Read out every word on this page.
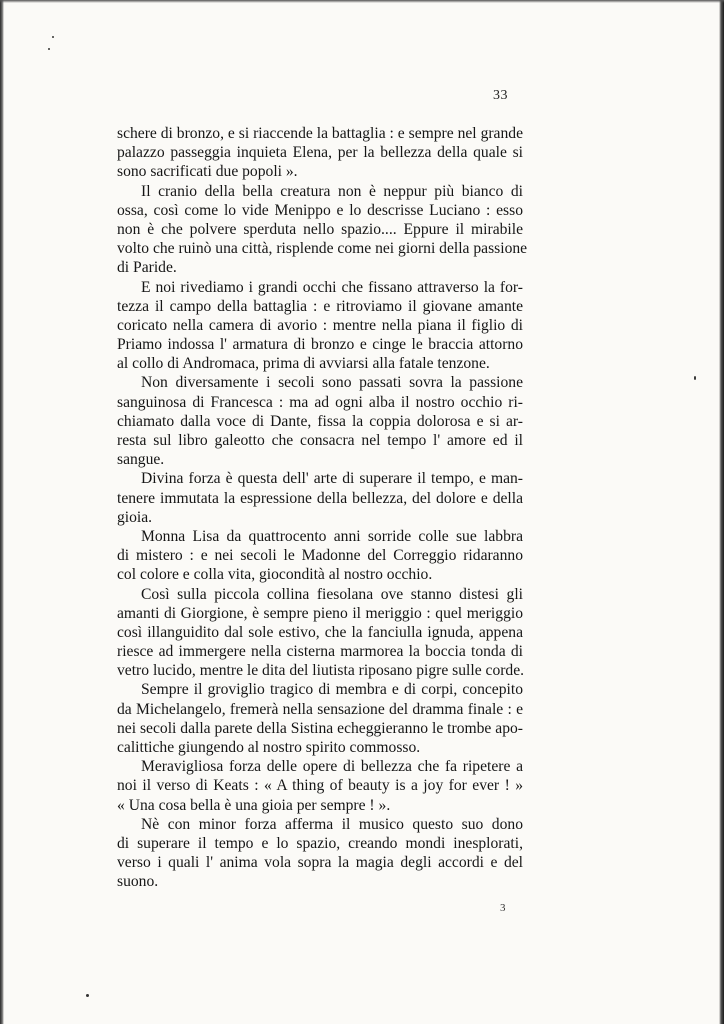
33
schere di bronzo, e si riaccende la battaglia : e sempre nel grande
palazzo passeggia inquieta Elena, per la bellezza della quale si
sono sacrificati due popoli ».
Il cranio della bella creatura non è neppur più bianco di
ossa, così come lo vide Menippo e lo descrisse Luciano : esso
non è che polvere sperduta nello spazio.... Eppure il mirabile
volto che ruinò una città, risplende come nei giorni della passione
di Paride.
E noi rivediamo i grandi occhi che fissano attraverso la for-
tezza il campo della battaglia : e ritroviamo il giovane amante
coricato nella camera di avorio : mentre nella piana il figlio di
Priamo indossa l' armatura di bronzo e cinge le braccia attorno
al collo di Andromaca, prima di avviarsi alla fatale tenzone.
Non diversamente i secoli sono passati sovra la passione
sanguinosa di Francesca : ma ad ogni alba il nostro occhio ri-
chiamato dalla voce di Dante, fissa la coppia dolorosa e si ar-
resta sul libro galeotto che consacra nel tempo l' amore ed il
sangue.
Divina forza è questa dell' arte di superare il tempo, e man-
tenere immutata la espressione della bellezza, del dolore e della
gioia.
Monna Lisa da quattrocento anni sorride colle sue labbra
di mistero : e nei secoli le Madonne del Correggio ridaranno
col colore e colla vita, giocondità al nostro occhio.
Così sulla piccola collina fiesolana ove stanno distesi gli
amanti di Giorgione, è sempre pieno il meriggio : quel meriggio
così illanguidito dal sole estivo, che la fanciulla ignuda, appena
riesce ad immergere nella cisterna marmorea la boccia tonda di
vetro lucido, mentre le dita del liutista riposano pigre sulle corde.
Sempre il groviglio tragico di membra e di corpi, concepito
da Michelangelo, fremerà nella sensazione del dramma finale : e
nei secoli dalla parete della Sistina echeggieranno le trombe apo-
calittiche giungendo al nostro spirito commosso.
Meravigliosa forza delle opere di bellezza che fa ripetere a
noi il verso di Keats : « A thing of beauty is a joy for ever ! »
« Una cosa bella è una gioia per sempre ! ».
Nè con minor forza afferma il musico questo suo dono
di superare il tempo e lo spazio, creando mondi inesplorati,
verso i quali l' anima vola sopra la magia degli accordi e del
suono.
3
